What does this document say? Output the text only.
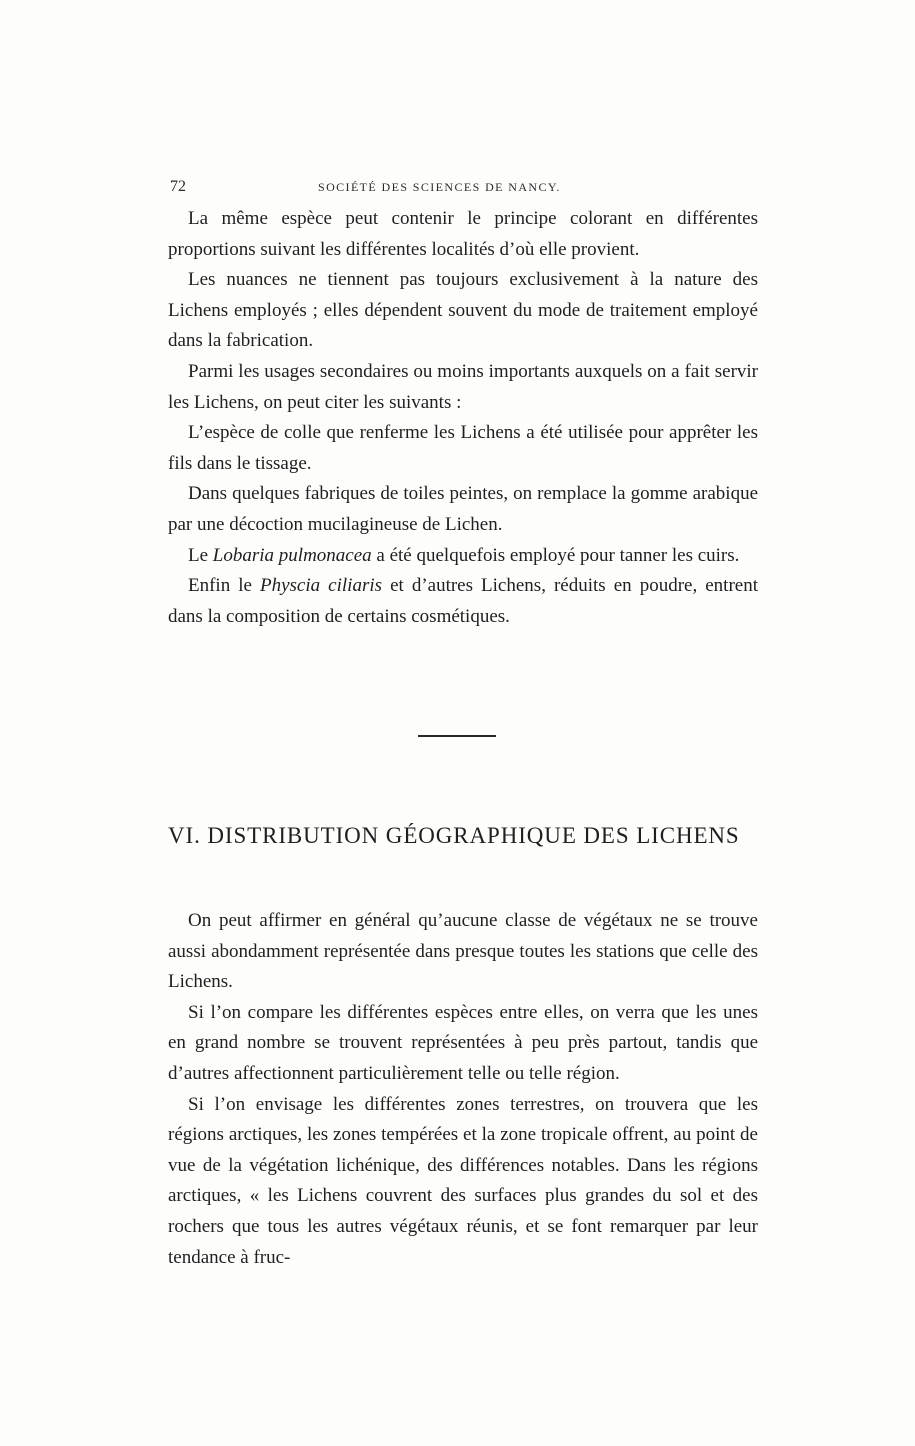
72	SOCIÉTÉ DES SCIENCES DE NANCY.

La même espèce peut contenir le principe colorant en différentes proportions suivant les différentes localités d’où elle provient.

Les nuances ne tiennent pas toujours exclusivement à la nature des Lichens employés ; elles dépendent souvent du mode de traitement employé dans la fabrication.

Parmi les usages secondaires ou moins importants auxquels on a fait servir les Lichens, on peut citer les suivants :

L’espèce de colle que renferme les Lichens a été utilisée pour apprêter les fils dans le tissage.

Dans quelques fabriques de toiles peintes, on remplace la gomme arabique par une décoction mucilagineuse de Lichen.

Le Lobaria pulmonacea a été quelquefois employé pour tanner les cuirs.

Enfin le Physcia ciliaris et d’autres Lichens, réduits en poudre, entrent dans la composition de certains cosmétiques.

VI. DISTRIBUTION GÉOGRAPHIQUE DES LICHENS

On peut affirmer en général qu’aucune classe de végétaux ne se trouve aussi abondamment représentée dans presque toutes les stations que celle des Lichens.

Si l’on compare les différentes espèces entre elles, on verra que les unes en grand nombre se trouvent représentées à peu près partout, tandis que d’autres affectionnent particulièrement telle ou telle région.

Si l’on envisage les différentes zones terrestres, on trouvera que les régions arctiques, les zones tempérées et la zone tropicale offrent, au point de vue de la végétation lichénique, des différences notables. Dans les régions arctiques, « les Lichens couvrent des surfaces plus grandes du sol et des rochers que tous les autres végétaux réunis, et se font remarquer par leur tendance à fruc-
